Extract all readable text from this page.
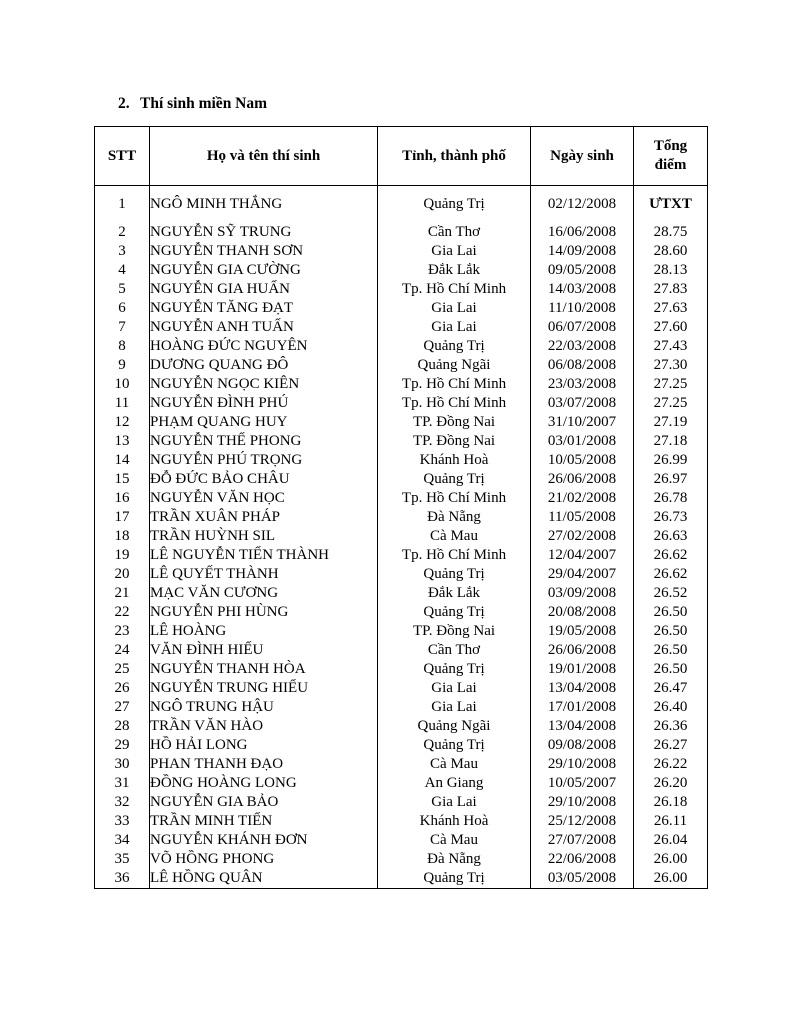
2. Thí sinh miền Nam
STT	Họ và tên thí sinh	Tỉnh, thành phố	Ngày sinh	Tổng
điểm
1	NGÔ MINH THẮNG	Quảng Trị	02/12/2008	ƯTXT
2	NGUYỄN SỸ TRUNG	Cần Thơ	16/06/2008	28.75
3	NGUYỄN THANH SƠN	Gia Lai	14/09/2008	28.60
4	NGUYỄN GIA CƯỜNG	Đắk Lắk	09/05/2008	28.13
5	NGUYỄN GIA HUẤN	Tp. Hồ Chí Minh	14/03/2008	27.83
6	NGUYỄN TĂNG ĐẠT	Gia Lai	11/10/2008	27.63
7	NGUYỄN ANH TUẤN	Gia Lai	06/07/2008	27.60
8	HOÀNG ĐỨC NGUYÊN	Quảng Trị	22/03/2008	27.43
9	DƯƠNG QUANG ĐÔ	Quảng Ngãi	06/08/2008	27.30
10	NGUYỄN NGỌC KIÊN	Tp. Hồ Chí Minh	23/03/2008	27.25
11	NGUYỄN ĐÌNH PHÚ	Tp. Hồ Chí Minh	03/07/2008	27.25
12	PHẠM QUANG HUY	TP. Đồng Nai	31/10/2007	27.19
13	NGUYỄN THẾ PHONG	TP. Đồng Nai	03/01/2008	27.18
14	NGUYỄN PHÚ TRỌNG	Khánh Hoà	10/05/2008	26.99
15	ĐỖ ĐỨC BẢO CHÂU	Quảng Trị	26/06/2008	26.97
16	NGUYỄN VĂN HỌC	Tp. Hồ Chí Minh	21/02/2008	26.78
17	TRẦN XUÂN PHÁP	Đà Nẵng	11/05/2008	26.73
18	TRẦN HUỲNH SIL	Cà Mau	27/02/2008	26.63
19	LÊ NGUYỄN TIẾN THÀNH	Tp. Hồ Chí Minh	12/04/2007	26.62
20	LÊ QUYẾT THÀNH	Quảng Trị	29/04/2007	26.62
21	MẠC VĂN CƯƠNG	Đắk Lắk	03/09/2008	26.52
22	NGUYỄN PHI HÙNG	Quảng Trị	20/08/2008	26.50
23	LÊ HOÀNG	TP. Đồng Nai	19/05/2008	26.50
24	VĂN ĐÌNH HIẾU	Cần Thơ	26/06/2008	26.50
25	NGUYỄN THANH HÒA	Quảng Trị	19/01/2008	26.50
26	NGUYỄN TRUNG HIẾU	Gia Lai	13/04/2008	26.47
27	NGÔ TRUNG HẬU	Gia Lai	17/01/2008	26.40
28	TRẦN VĂN HÀO	Quảng Ngãi	13/04/2008	26.36
29	HỒ HẢI LONG	Quảng Trị	09/08/2008	26.27
30	PHAN THANH ĐẠO	Cà Mau	29/10/2008	26.22
31	ĐỒNG HOÀNG LONG	An Giang	10/05/2007	26.20
32	NGUYỄN GIA BẢO	Gia Lai	29/10/2008	26.18
33	TRẦN MINH TIẾN	Khánh Hoà	25/12/2008	26.11
34	NGUYỄN KHÁNH ĐƠN	Cà Mau	27/07/2008	26.04
35	VÕ HỒNG PHONG	Đà Nẵng	22/06/2008	26.00
36	LÊ HỒNG QUÂN	Quảng Trị	03/05/2008	26.00
